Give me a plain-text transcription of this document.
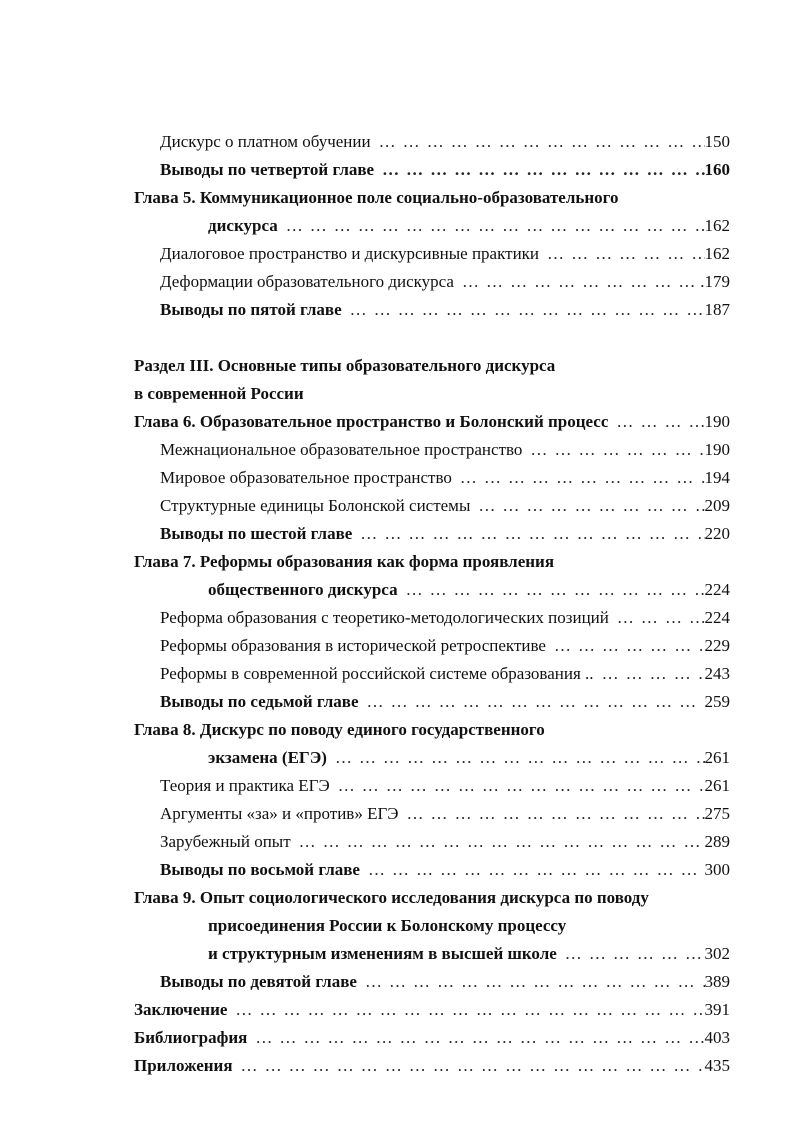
Дискурс о платном обучении … … … … … … … … … … … … … … … … … … … … … … … … … … … … … … … … … … … … … … … … … … … … … … … … … …	150
Выводы по четвертой главе … … … … … … … … … … … … … … … … … … … … … … … … … … … … … … … … … … … … … … … … … … … … … … … … … …	160
Глава 5. Коммуникационное поле социально-образовательного
дискурса … … … … … … … … … … … … … … … … … … … … … … … … … … … … … … … … … … … … … … … … … … … … … … … … … …	162
Диалоговое пространство и дискурсивные практики … … … … … … … … … … … … … … … … … … … … … … … … … … … … … … … … … … … … … … … … … … … … … … … … … …	162
Деформации образовательного дискурса … … … … … … … … … … … … … … … … … … … … … … … … … … … … … … … … … … … … … … … … … … … … … … … … … …	.179
Выводы по пятой главе … … … … … … … … … … … … … … … … … … … … … … … … … … … … … … … … … … … … … … … … … … … … … … … … … …	187
Раздел III. Основные типы образовательного дискурса
в современной России
Глава 6. Образовательное пространство и Болонский процесс … … … … … … … … … … … … … … … … … … … … … … … … … … … … … … … … … … … … … … … … … … … … … … … … … …	190
Межнациональное образовательное пространство … … … … … … … … … … … … … … … … … … … … … … … … … … … … … … … … … … … … … … … … … … … … … … … … … …	190
Мировое образовательное пространство … … … … … … … … … … … … … … … … … … … … … … … … … … … … … … … … … … … … … … … … … … … … … … … … … …	194
Структурные единицы Болонской системы … … … … … … … … … … … … … … … … … … … … … … … … … … … … … … … … … … … … … … … … … … … … … … … … … …	209
Выводы по шестой главе … … … … … … … … … … … … … … … … … … … … … … … … … … … … … … … … … … … … … … … … … … … … … … … … … …	220
Глава 7. Реформы образования как форма проявления
общественного дискурса … … … … … … … … … … … … … … … … … … … … … … … … … … … … … … … … … … … … … … … … … … … … … … … … … …	224
Реформа образования с теоретико-методологических позиций … … … … … … … … … … … … … … … … … … … … … … … … … … … … … … … … … … … … … … … … … … … … … … … … … …	224
Реформы образования в исторической ретроспективе … … … … … … … … … … … … … … … … … … … … … … … … … … … … … … … … … … … … … … … … … … … … … … … … … …	229
Реформы в современной российской системе образования .. … … … … … … … … … … … … … … … … … … … … … … … … … … … … … … … … … … … … … … … … … … … … … … … … … …	243
Выводы по седьмой главе … … … … … … … … … … … … … … … … … … … … … … … … … … … … … … … … … … … … … … … … … … … … … … … … … …	259
Глава 8. Дискурс по поводу единого государственного
экзамена (ЕГЭ) … … … … … … … … … … … … … … … … … … … … … … … … … … … … … … … … … … … … … … … … … … … … … … … … … …	261
Теория и практика ЕГЭ … … … … … … … … … … … … … … … … … … … … … … … … … … … … … … … … … … … … … … … … … … … … … … … … … …	261
Аргументы «за» и «против» ЕГЭ … … … … … … … … … … … … … … … … … … … … … … … … … … … … … … … … … … … … … … … … … … … … … … … … … …	275
Зарубежный опыт … … … … … … … … … … … … … … … … … … … … … … … … … … … … … … … … … … … … … … … … … … … … … … … … … …	289
Выводы по восьмой главе … … … … … … … … … … … … … … … … … … … … … … … … … … … … … … … … … … … … … … … … … … … … … … … … … …	300
Глава 9. Опыт социологического исследования дискурса по поводу
присоединения России к Болонскому процессу
и структурным изменениям в высшей школе … … … … … … … … … … … … … … … … … … … … … … … … … … … … … … … … … … … … … … … … … … … … … … … … … …	302
Выводы по девятой главе … … … … … … … … … … … … … … … … … … … … … … … … … … … … … … … … … … … … … … … … … … … … … … … … … …	389
Заключение … … … … … … … … … … … … … … … … … … … … … … … … … … … … … … … … … … … … … … … … … … … … … … … … … …	391
Библиография … … … … … … … … … … … … … … … … … … … … … … … … … … … … … … … … … … … … … … … … … … … … … … … … … …	403
Приложения … … … … … … … … … … … … … … … … … … … … … … … … … … … … … … … … … … … … … … … … … … … … … … … … … …	435
